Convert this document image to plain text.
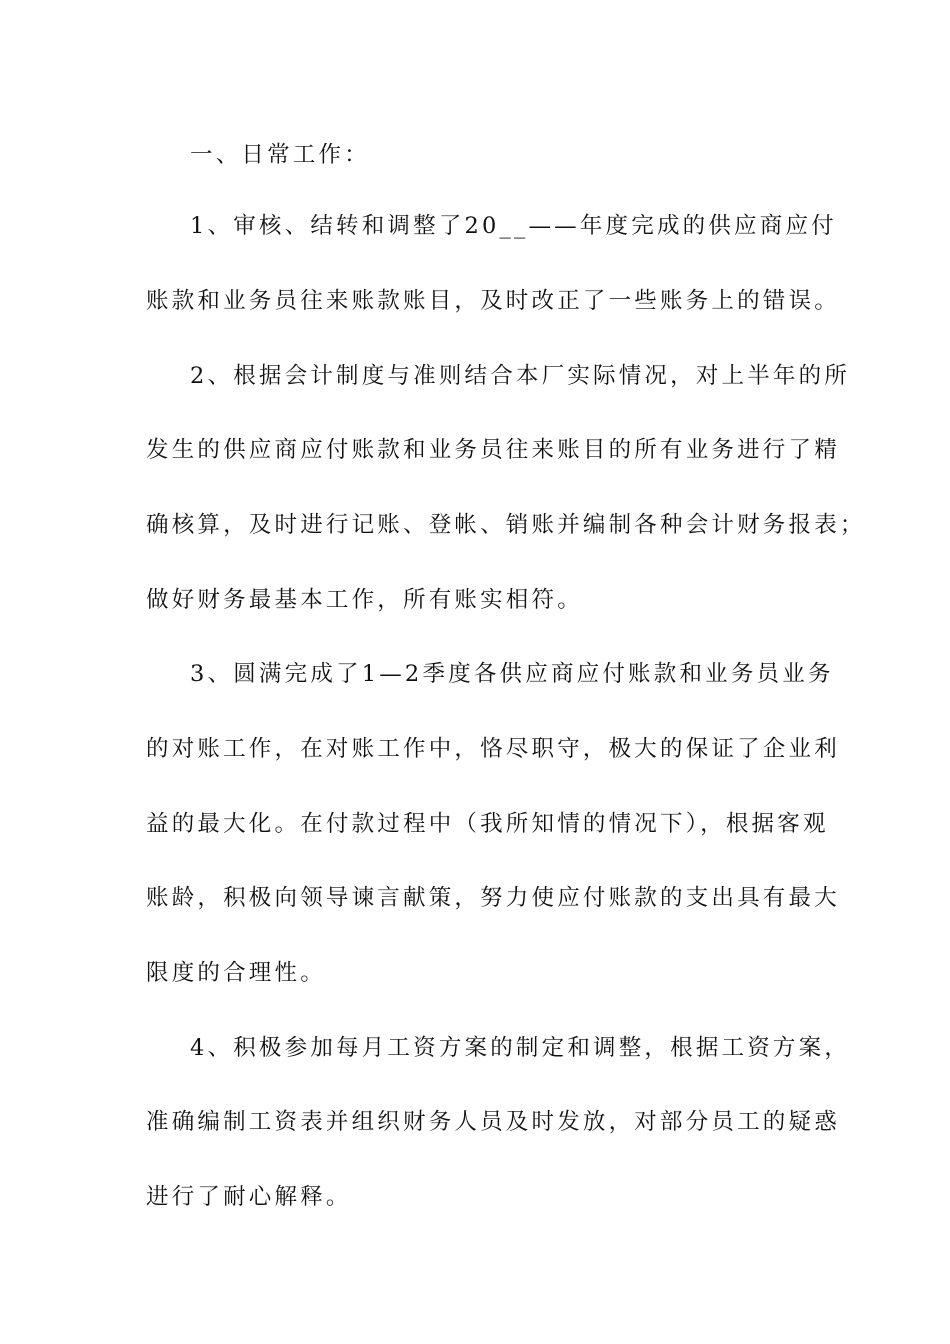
一、日常工作：
1、审核、结转和调整了20__——年度完成的供应商应付
账款和业务员往来账款账目，及时改正了一些账务上的错误。
2、根据会计制度与准则结合本厂实际情况，对上半年的所
发生的供应商应付账款和业务员往来账目的所有业务进行了精
确核算，及时进行记账、登帐、销账并编制各种会计财务报表；
做好财务最基本工作，所有账实相符。
3、圆满完成了1—2季度各供应商应付账款和业务员业务
的对账工作，在对账工作中，恪尽职守，极大的保证了企业利
益的最大化。在付款过程中（我所知情的情况下），根据客观
账龄，积极向领导谏言献策，努力使应付账款的支出具有最大
限度的合理性。
4、积极参加每月工资方案的制定和调整，根据工资方案，
准确编制工资表并组织财务人员及时发放，对部分员工的疑惑
进行了耐心解释。
